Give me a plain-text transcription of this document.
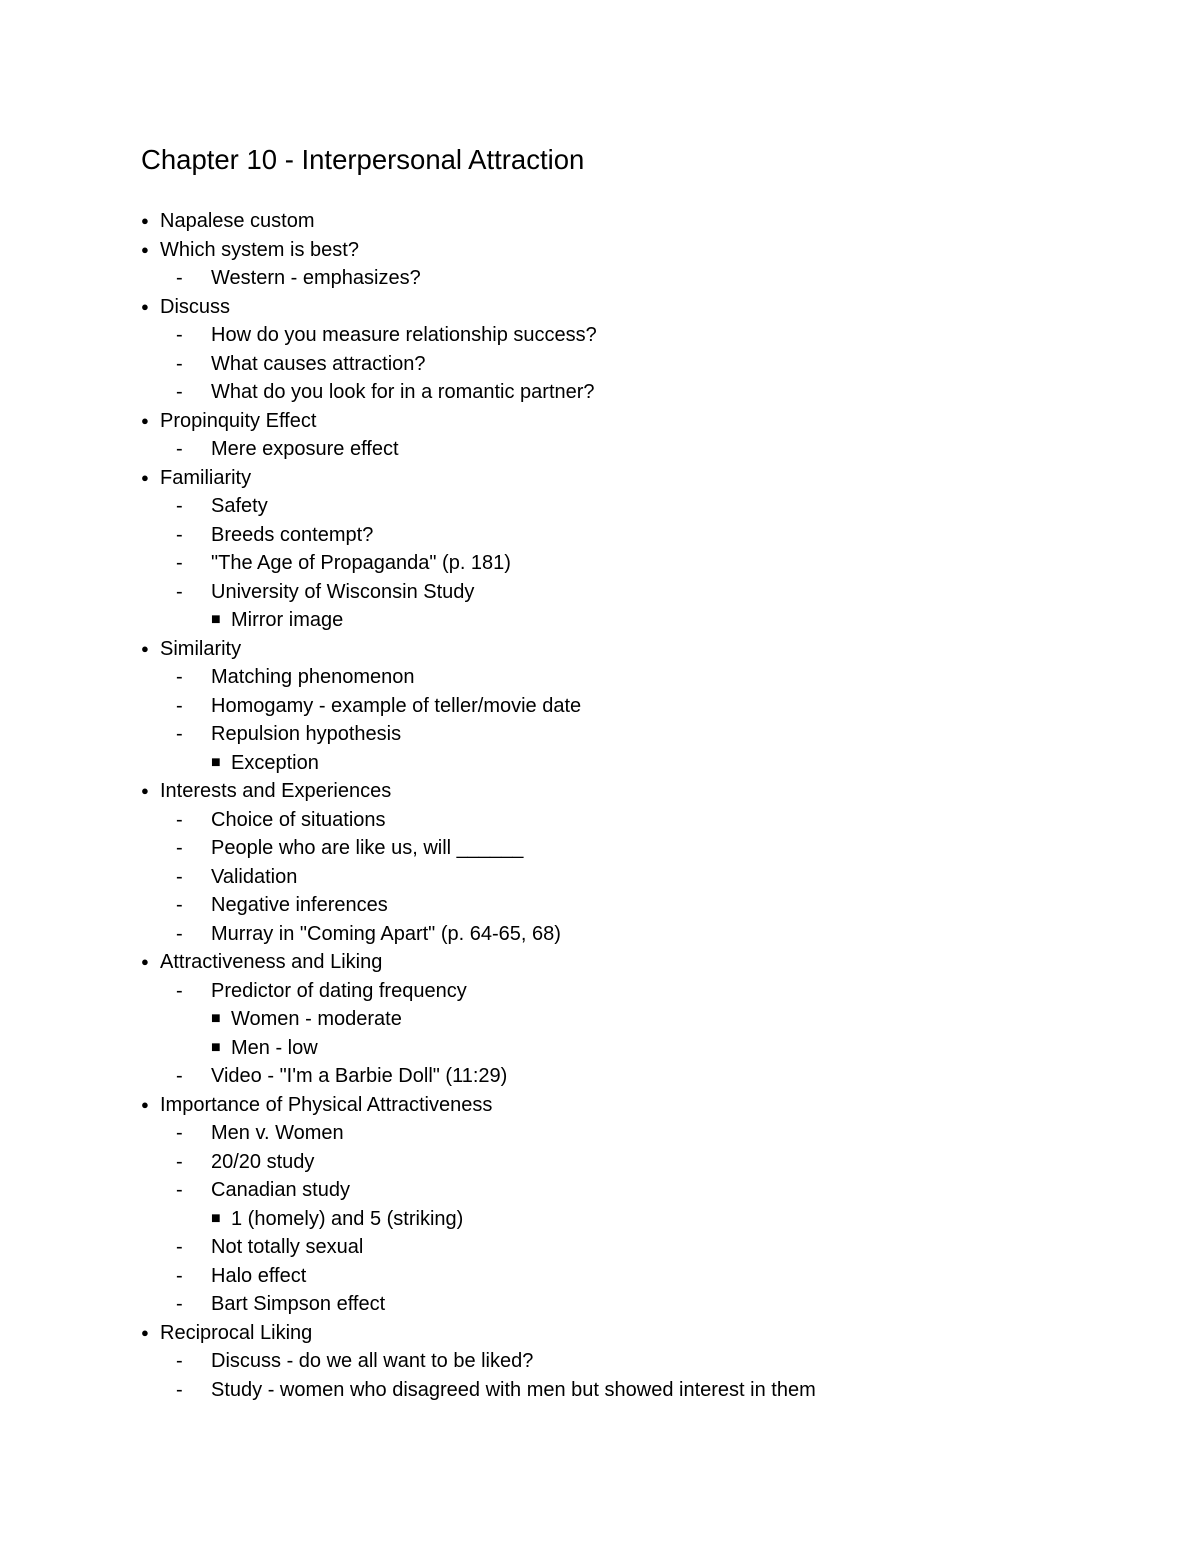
Chapter 10 - Interpersonal Attraction
● Napalese custom
● Which system is best?
- Western - emphasizes?
● Discuss
- How do you measure relationship success?
- What causes attraction?
- What do you look for in a romantic partner?
● Propinquity Effect
- Mere exposure effect
● Familiarity
- Safety
- Breeds contempt?
- "The Age of Propaganda" (p. 181)
- University of Wisconsin Study
■ Mirror image
● Similarity
- Matching phenomenon
- Homogamy - example of teller/movie date
- Repulsion hypothesis
■ Exception
● Interests and Experiences
- Choice of situations
- People who are like us, will ______
- Validation
- Negative inferences
- Murray in "Coming Apart" (p. 64-65, 68)
● Attractiveness and Liking
- Predictor of dating frequency
■ Women - moderate
■ Men - low
- Video - "I'm a Barbie Doll" (11:29)
● Importance of Physical Attractiveness
- Men v. Women
- 20/20 study
- Canadian study
■ 1 (homely) and 5 (striking)
- Not totally sexual
- Halo effect
- Bart Simpson effect
● Reciprocal Liking
- Discuss - do we all want to be liked?
- Study - women who disagreed with men but showed interest in them
